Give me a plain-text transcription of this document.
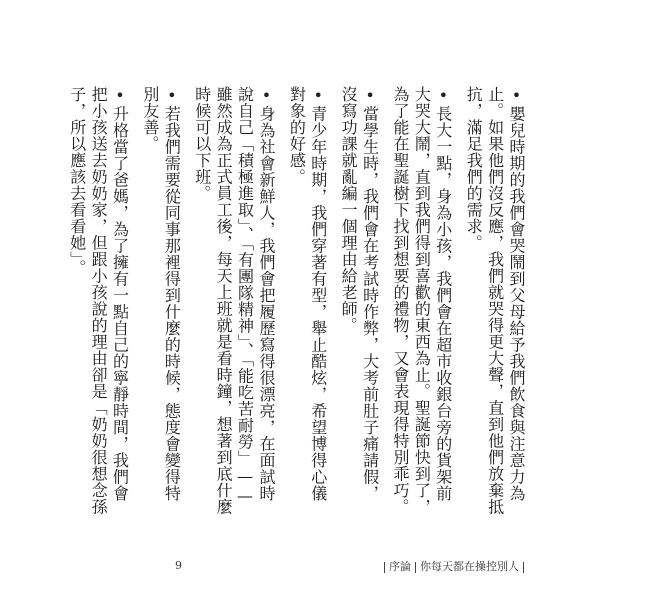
•嬰兒時期的我們會哭鬧到父母給予我們飲食與注意力為止。如果他們沒反應，我們就哭得更大聲，直到他們放棄抵抗，滿足我們的需求。

•長大一點，身為小孩，我們會在超市收銀台旁的貨架前大哭大鬧，直到我們得到喜歡的東西為止。聖誕節快到了，為了能在聖誕樹下找到想要的禮物，又會表現得特別乖巧。

•當學生時，我們會在考試時作弊，大考前肚子痛請假，沒寫功課就亂編一個理由給老師。

•青少年時期，我們穿著有型，舉止酷炫，希望博得心儀對象的好感。

•身為社會新鮮人，我們會把履歷寫得很漂亮，在面試時說自己「積極進取」、「有團隊精神」、「能吃苦耐勞」——雖然成為正式員工後，每天上班就是看時鐘，想著到底什麼時候可以下班。

•若我們需要從同事那裡得到什麼的時候，態度會變得特別友善。

•升格當了爸媽，為了擁有一點自己的寧靜時間，我們會把小孩送去奶奶家，但跟小孩說的理由卻是「奶奶很想念孫子，所以應該去看看她」。

9	序論 你每天都在操控別人
